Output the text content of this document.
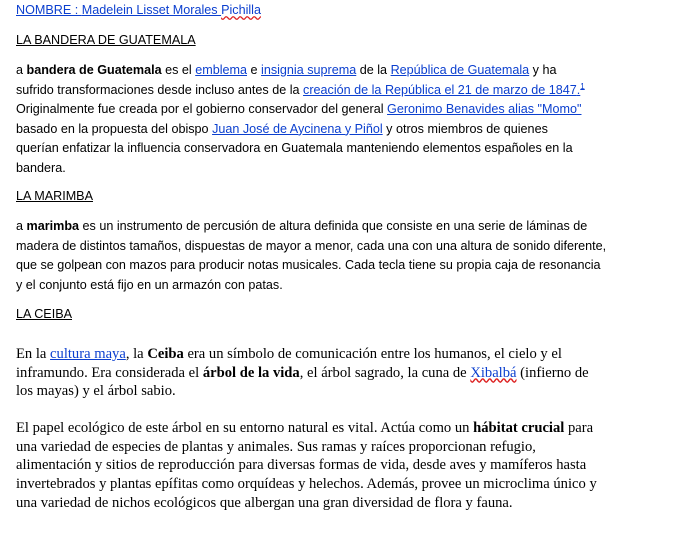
NOMBRE : Madelein Lisset Morales Pichilla
LA BANDERA DE GUATEMALA

a bandera de Guatemala es el emblema e insignia suprema de la República de Guatemala y ha sufrido transformaciones desde incluso antes de la creación de la República el 21 de marzo de 1847.$^1$ Originalmente fue creada por el gobierno conservador del general Geronimo Benavides alias "Momo" basado en la propuesta del obispo Juan José de Aycinena y Piñol y otros miembros de quienes querían enfatizar la influencia conservadora en Guatemala manteniendo elementos españoles en la bandera.

LA MARIMBA

a marimba es un instrumento de percusión de altura definida que consiste en una serie de láminas de madera de distintos tamaños, dispuestas de mayor a menor, cada una con una altura de sonido diferente, que se golpean con mazos para producir notas musicales. Cada tecla tiene su propia caja de resonancia y el conjunto está fijo en un armazón con patas.

LA CEIBA

En la cultura maya, la Ceiba era un símbolo de comunicación entre los humanos, el cielo y el inframundo. Era considerada el árbol de la vida, el árbol sagrado, la cuna de Xibalbá (infierno de los mayas) y el árbol sabio.

El papel ecológico de este árbol en su entorno natural es vital. Actúa como un hábitat crucial para una variedad de especies de plantas y animales. Sus ramas y raíces proporcionan refugio, alimentación y sitios de reproducción para diversas formas de vida, desde aves y mamíferos hasta invertebrados y plantas epífitas como orquídeas y helechos. Además, provee un microclima único y una variedad de nichos ecológicos que albergan una gran diversidad de flora y fauna.
